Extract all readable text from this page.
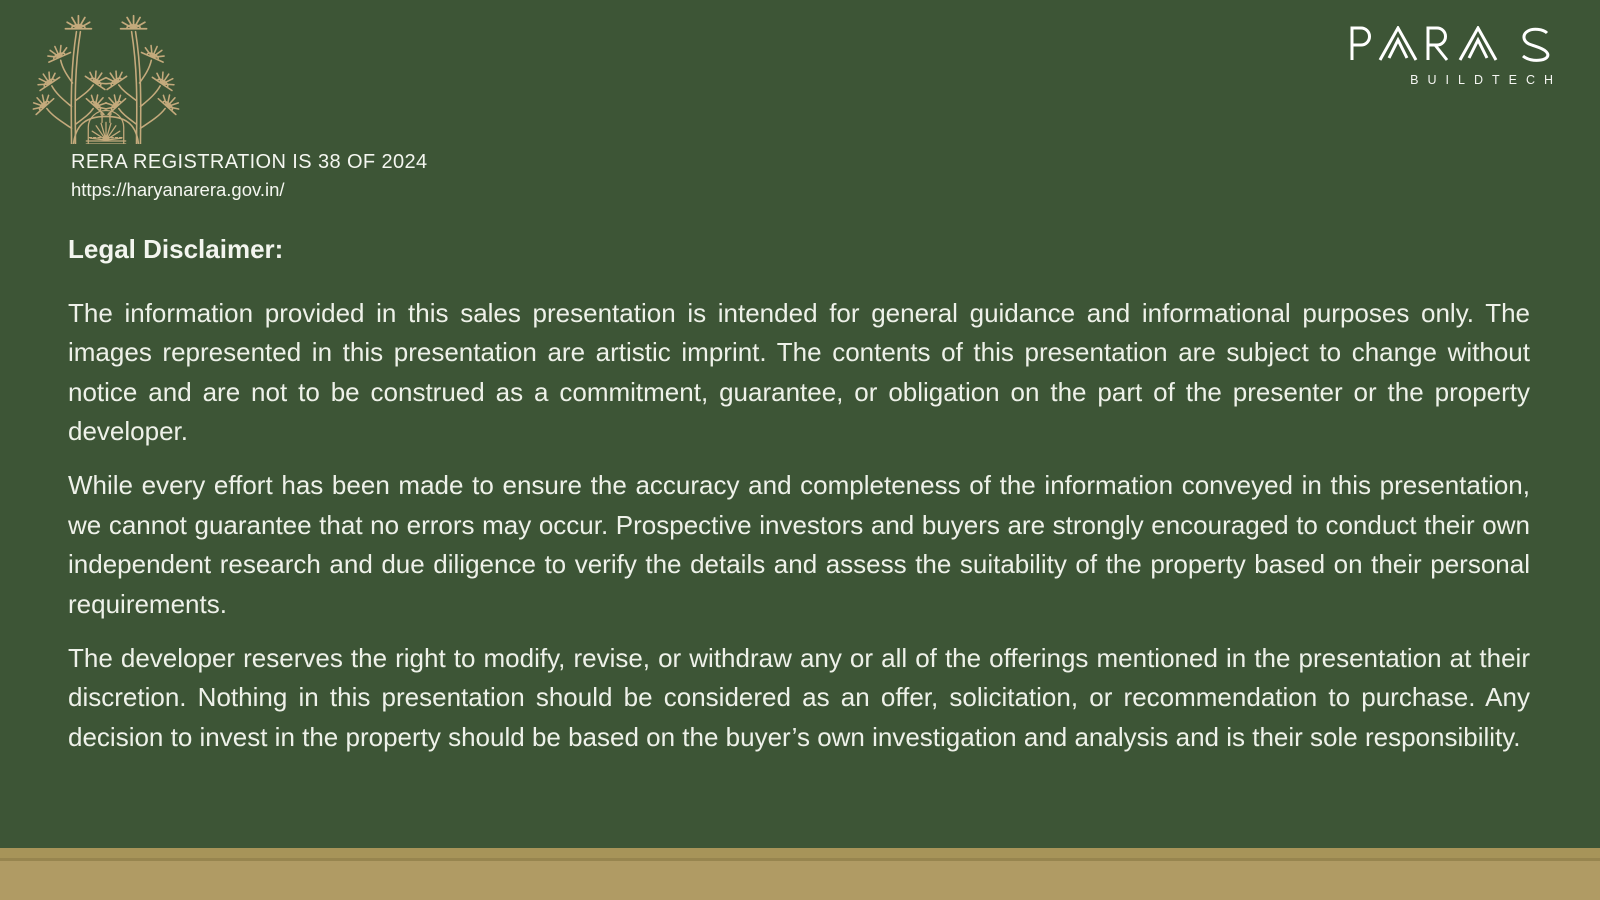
RERA REGISTRATION IS 38 OF 2024
https://haryanarera.gov.in/
BUILDTECH
Legal Disclaimer:

The information provided in this sales presentation is intended for general guidance and informational purposes only. The images represented in this presentation are artistic imprint. The contents of this presentation are subject to change without notice and are not to be construed as a commitment, guarantee, or obligation on the part of the presenter or the property developer.

While every effort has been made to ensure the accuracy and completeness of the information conveyed in this presentation, we cannot guarantee that no errors may occur. Prospective investors and buyers are strongly encouraged to conduct their own independent research and due diligence to verify the details and assess the suitability of the property based on their personal requirements.

The developer reserves the right to modify, revise, or withdraw any or all of the offerings mentioned in the presentation at their discretion. Nothing in this presentation should be considered as an offer, solicitation, or recommendation to purchase. Any decision to invest in the property should be based on the buyer’s own investigation and analysis and is their sole responsibility.
